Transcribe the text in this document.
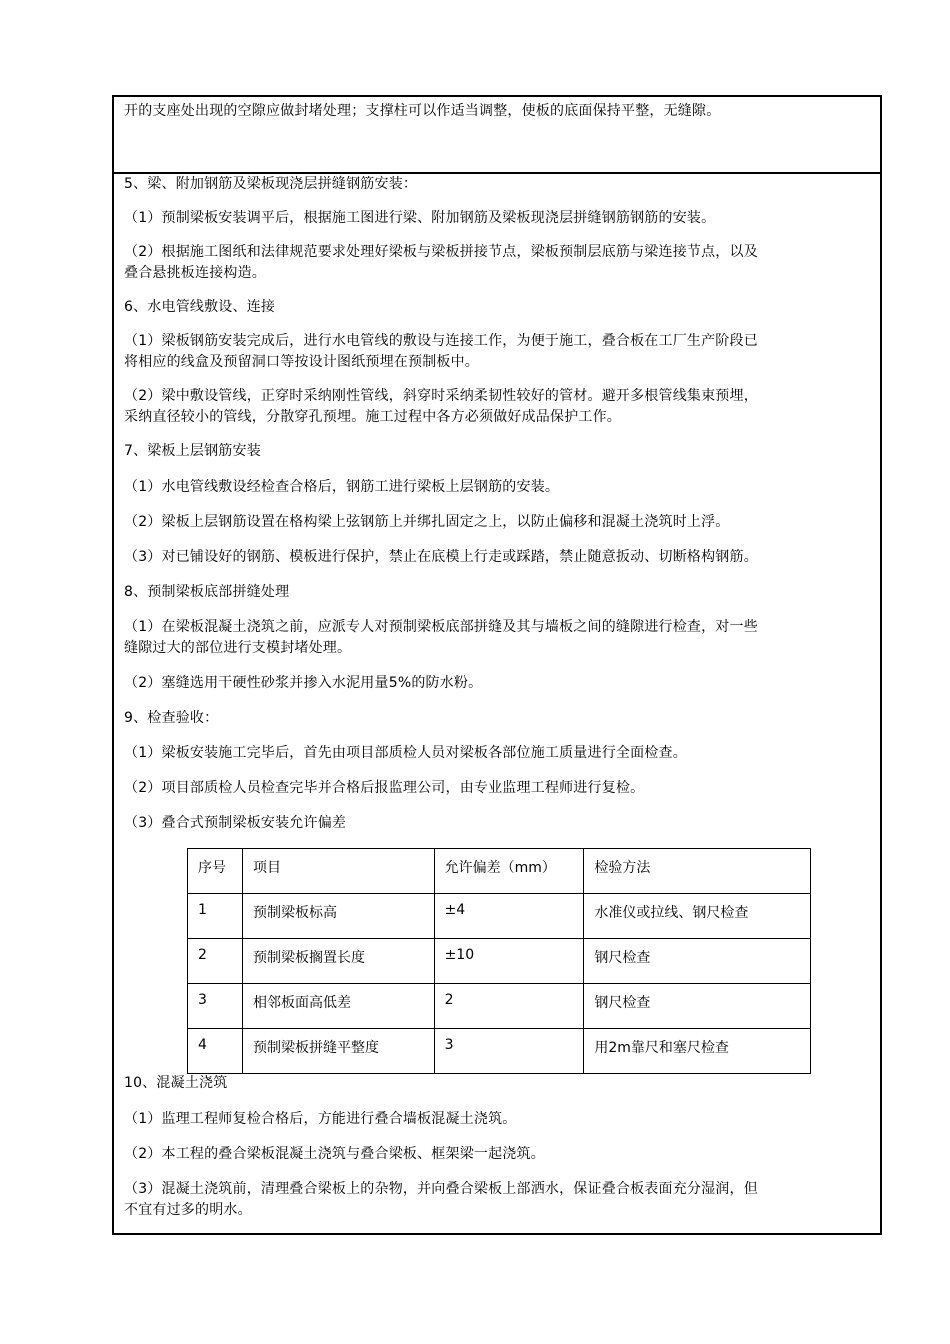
开的支座处出现的空隙应做封堵处理；支撑柱可以作适当调整，使板的底面保持平整，无缝隙。
5、梁、附加钢筋及梁板现浇层拼缝钢筋安装：
（1）预制梁板安装调平后，根据施工图进行梁、附加钢筋及梁板现浇层拼缝钢筋钢筋的安装。
（2）根据施工图纸和法律规范要求处理好梁板与梁板拼接节点，梁板预制层底筋与梁连接节点，以及
叠合悬挑板连接构造。
6、水电管线敷设、连接
（1）梁板钢筋安装完成后，进行水电管线的敷设与连接工作，为便于施工，叠合板在工厂生产阶段已
将相应的线盒及预留洞口等按设计图纸预埋在预制板中。
（2）梁中敷设管线，正穿时采纳刚性管线，斜穿时采纳柔韧性较好的管材。避开多根管线集束预埋，
采纳直径较小的管线，分散穿孔预埋。施工过程中各方必须做好成品保护工作。
7、梁板上层钢筋安装
（1）水电管线敷设经检查合格后，钢筋工进行梁板上层钢筋的安装。
（2）梁板上层钢筋设置在格构梁上弦钢筋上并绑扎固定之上，以防止偏移和混凝土浇筑时上浮。
（3）对已铺设好的钢筋、模板进行保护，禁止在底模上行走或踩踏，禁止随意扳动、切断格构钢筋。
8、预制梁板底部拼缝处理
（1）在梁板混凝土浇筑之前，应派专人对预制梁板底部拼缝及其与墙板之间的缝隙进行检查，对一些
缝隙过大的部位进行支模封堵处理。
（2）塞缝选用干硬性砂浆并掺入水泥用量5%的防水粉。
9、检查验收：
（1）梁板安装施工完毕后，首先由项目部质检人员对梁板各部位施工质量进行全面检查。
（2）项目部质检人员检查完毕并合格后报监理公司，由专业监理工程师进行复检。
（3）叠合式预制梁板安装允许偏差
序号	项目	允许偏差（mm）	检验方法

1	预制梁板标高	±4	水准仪或拉线、钢尺检查

2	预制梁板搁置长度	±10	钢尺检查

3	相邻板面高低差	2	钢尺检查

4	预制梁板拼缝平整度	3	用2m靠尺和塞尺检查
10、混凝土浇筑
（1）监理工程师复检合格后，方能进行叠合墙板混凝土浇筑。
（2）本工程的叠合梁板混凝土浇筑与叠合梁板、框架梁一起浇筑。
（3）混凝土浇筑前，清理叠合梁板上的杂物，并向叠合梁板上部洒水，保证叠合板表面充分湿润，但
不宜有过多的明水。
